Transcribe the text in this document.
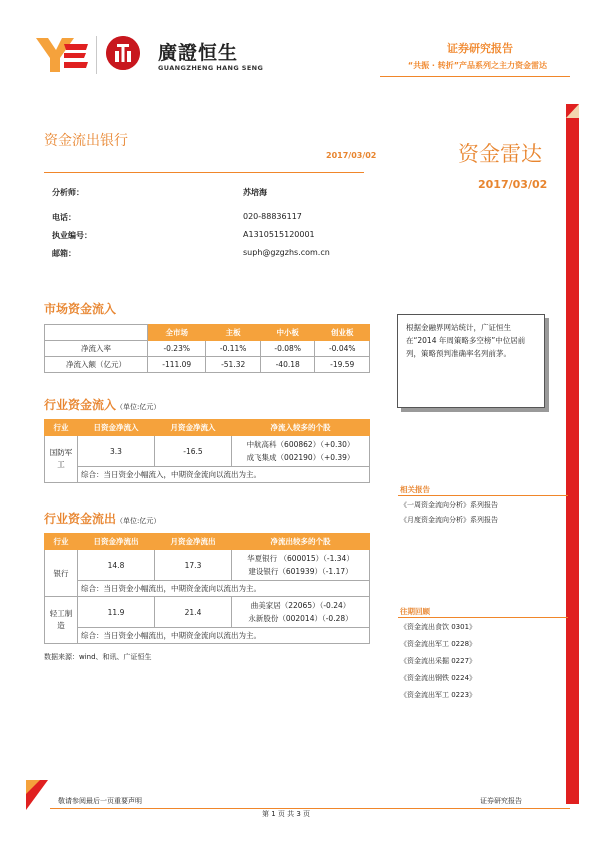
廣證恒生
GUANGZHENG HANG SENG
证券研究报告
“共振 · 转折”产品系列之主力资金雷达
资金流出银行
2017/03/02	资金雷达
2017/03/02
分析师：	苏培海
电话：	020-88836117
执业编号：	A1310515120001
邮箱：	suph@gzgzhs.com.cn
市场资金流入
	全市场	主板	中小板	创业板
净流入率	-0.23%	-0.11%	-0.08%	-0.04%
净流入额（亿元）	-111.09	-51.32	-40.18	-19.59
根据金融界网站统计，广证恒生在“2014 年周策略多空榜”中位居前列，策略预判准确率名列前茅。
行业资金流入（单位:亿元）
行业	日资金净流入	月资金净流入	净流入较多的个股
国防军工	3.3	-16.5	中航高科（600862）（+0.30）
成飞集成（002190）（+0.39）

	综合：当日资金小幅流入，中期资金流向以流出为主。		
行业资金流出（单位:亿元）
行业	日资金净流出	月资金净流出	净流出较多的个股
银行	14.8	17.3	华夏银行 （600015）（-1.34）
建设银行（601939）（-1.17）

	综合：当日资金小幅流出，中期资金流向以流出为主。		
轻工制造	11.9	21.4	曲美家居（22065）（-0.24）
永新股份（002014）（-0.28）

	综合：当日资金小幅流出，中期资金流向以流出为主。		
数据来源：wind、和讯、广证恒生
相关报告
《一周资金流向分析》系列报告
《月度资金流向分析》系列报告
往期回顾
《资金流出食饮 0301》
《资金流出军工 0228》
《资金流出采掘 0227》
《资金流出钢铁 0224》
《资金流出军工 0223》
敬请参阅最后一页重要声明	证券研究报告
第 1 页 共 3 页
